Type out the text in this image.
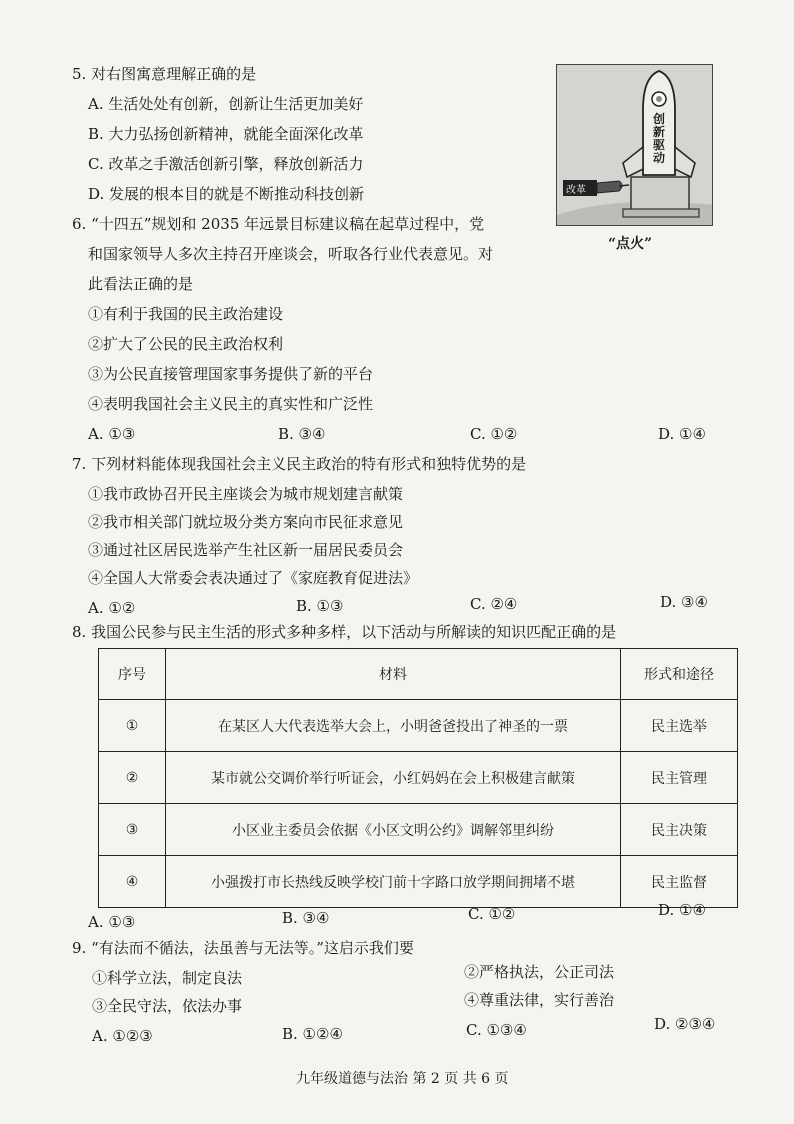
5. 对右图寓意理解正确的是
A. 生活处处有创新，创新让生活更加美好
B. 大力弘扬创新精神，就能全面深化改革
C. 改革之手激活创新引擎，释放创新活力
D. 发展的根本目的就是不断推动科技创新
创新驱动
改革
“点火”
6. “十四五”规划和 2035 年远景目标建议稿在起草过程中，党
和国家领导人多次主持召开座谈会，听取各行业代表意见。对
此看法正确的是
①有利于我国的民主政治建设
②扩大了公民的民主政治权利
③为公民直接管理国家事务提供了新的平台
④表明我国社会主义民主的真实性和广泛性
A. ①③	B. ③④	C. ①②	D. ①④
7. 下列材料能体现我国社会主义民主政治的特有形式和独特优势的是
①我市政协召开民主座谈会为城市规划建言献策
②我市相关部门就垃圾分类方案向市民征求意见
③通过社区居民选举产生社区新一届居民委员会
④全国人大常委会表决通过了《家庭教育促进法》
A. ①②	B. ①③	C. ②④	D. ③④
8. 我国公民参与民主生活的形式多种多样，以下活动与所解读的知识匹配正确的是
序号	材料	形式和途径
①	在某区人大代表选举大会上，小明爸爸投出了神圣的一票	民主选举
②	某市就公交调价举行听证会，小红妈妈在会上积极建言献策	民主管理
③	小区业主委员会依据《小区文明公约》调解邻里纠纷	民主决策
④	小强拨打市长热线反映学校门前十字路口放学期间拥堵不堪	民主监督
A. ①③	B. ③④	C. ①②	D. ①④
9. “有法而不循法，法虽善与无法等。”这启示我们要
①科学立法，制定良法	②严格执法，公正司法
③全民守法，依法办事	④尊重法律，实行善治
A. ①②③	B. ①②④	C. ①③④	D. ②③④
九年级道德与法治 第 2 页 共 6 页
